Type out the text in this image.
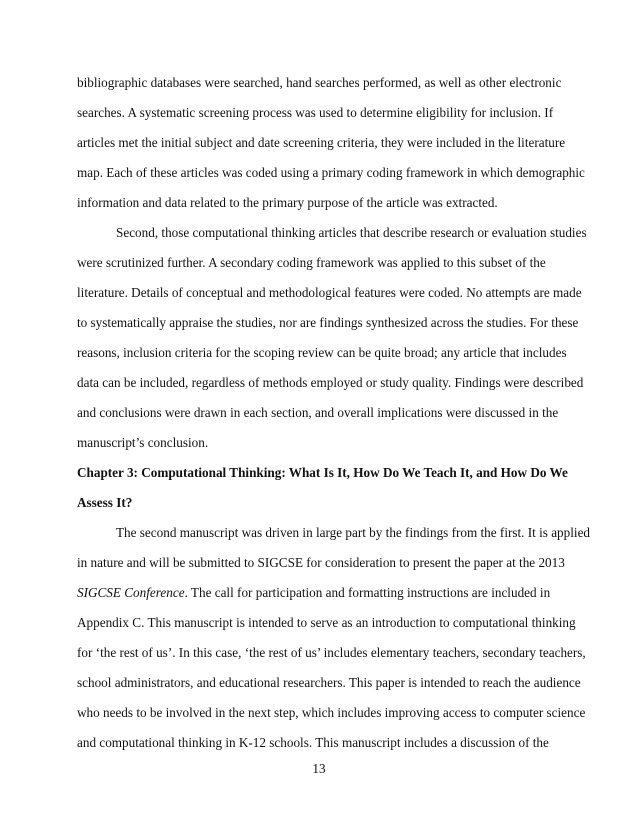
bibliographic databases were searched, hand searches performed, as well as other electronic
searches. A systematic screening process was used to determine eligibility for inclusion. If
articles met the initial subject and date screening criteria, they were included in the literature
map. Each of these articles was coded using a primary coding framework in which demographic
information and data related to the primary purpose of the article was extracted.
Second, those computational thinking articles that describe research or evaluation studies
were scrutinized further. A secondary coding framework was applied to this subset of the
literature. Details of conceptual and methodological features were coded. No attempts are made
to systematically appraise the studies, nor are findings synthesized across the studies. For these
reasons, inclusion criteria for the scoping review can be quite broad; any article that includes
data can be included, regardless of methods employed or study quality. Findings were described
and conclusions were drawn in each section, and overall implications were discussed in the
manuscript’s conclusion.
Chapter 3: Computational Thinking: What Is It, How Do We Teach It, and How Do We
Assess It?
The second manuscript was driven in large part by the findings from the first. It is applied
in nature and will be submitted to SIGCSE for consideration to present the paper at the 2013
SIGCSE Conference. The call for participation and formatting instructions are included in
Appendix C. This manuscript is intended to serve as an introduction to computational thinking
for ‘the rest of us’. In this case, ‘the rest of us’ includes elementary teachers, secondary teachers,
school administrators, and educational researchers. This paper is intended to reach the audience
who needs to be involved in the next step, which includes improving access to computer science
and computational thinking in K-12 schools. This manuscript includes a discussion of the
13
